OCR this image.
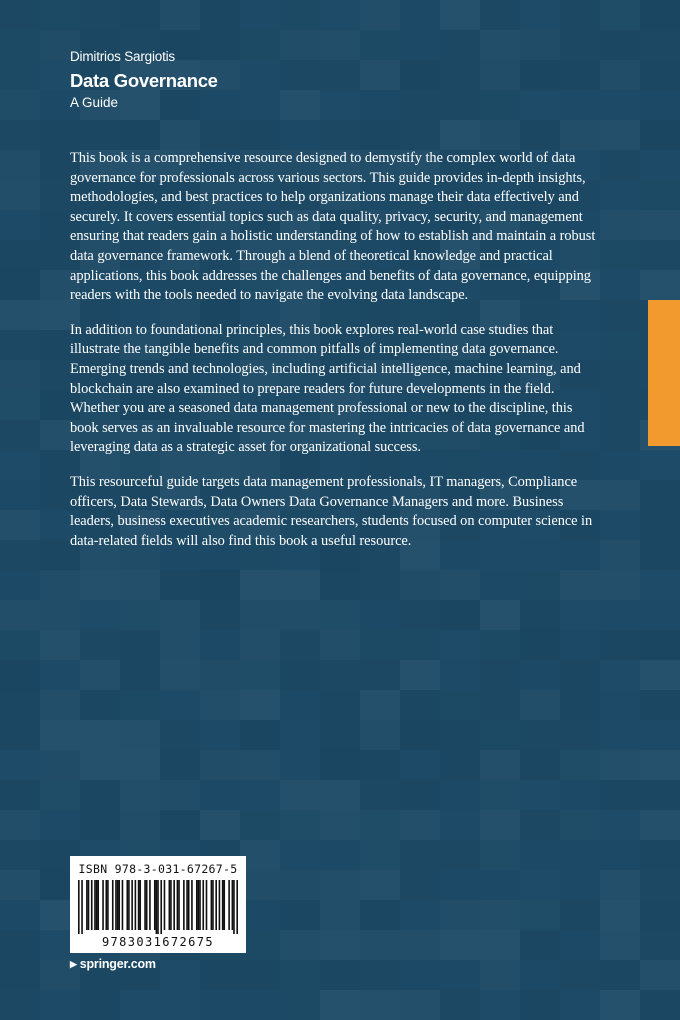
Dimitrios Sargiotis
Data Governance
A Guide

This book is a comprehensive resource designed to demystify the complex world of data governance for professionals across various sectors. This guide provides in-depth insights, methodologies, and best practices to help organizations manage their data effectively and securely. It covers essential topics such as data quality, privacy, security, and management ensuring that readers gain a holistic understanding of how to establish and maintain a robust data governance framework. Through a blend of theoretical knowledge and practical applications, this book addresses the challenges and benefits of data governance, equipping readers with the tools needed to navigate the evolving data landscape.

In addition to foundational principles, this book explores real-world case studies that illustrate the tangible benefits and common pitfalls of implementing data governance. Emerging trends and technologies, including artificial intelligence, machine learning, and blockchain are also examined to prepare readers for future developments in the field. Whether you are a seasoned data management professional or new to the discipline, this book serves as an invaluable resource for mastering the intricacies of data governance and leveraging data as a strategic asset for organizational success.

This resourceful guide targets data management professionals, IT managers, Compliance officers, Data Stewards, Data Owners Data Governance Managers and more. Business leaders, business executives academic researchers, students focused on computer science in data-related fields will also find this book a useful resource.

ISBN 978-3-031-67267-5
9783031672675
▶ springer.com
